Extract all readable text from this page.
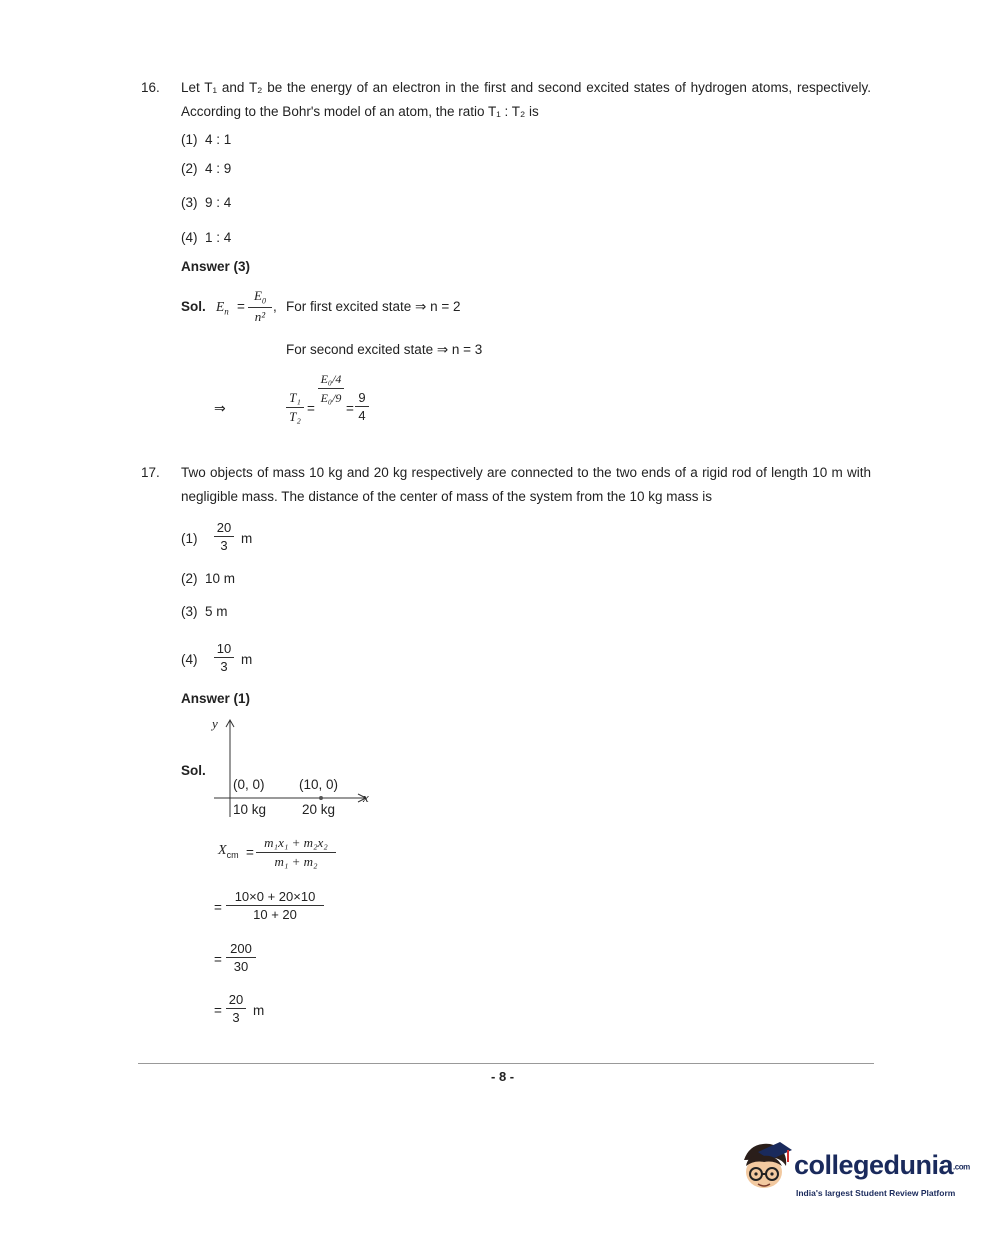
16. Let T₁ and T₂ be the energy of an electron in the first and second excited states of hydrogen atoms, respectively. According to the Bohr's model of an atom, the ratio T₁ : T₂ is
(1) 4 : 1
(2) 4 : 9
(3) 9 : 4
(4) 1 : 4
Answer (3)
Sol. $E_n = \frac{E_0}{\text{n²}}$ , For first excited state ⇒ n = 2
For second excited state ⇒ n = 3
⇒	$\frac{\text{T₁}}{\text{T₂}}$ =
E₀/4
E₀/9
= $\frac{9}{4}$
17. Two objects of mass 10 kg and 20 kg respectively are connected to the two ends of a rigid rod of length 10 m with negligible mass. The distance of the center of mass of the system from the 10 kg mass is
$(1) \frac{20}{3}$ m
(2) 10 m
(3) 5 m
$(4) \frac{10}{3}$ m
Answer (1)
Sol.
y
x
(0, 0)	(10, 0)
10 kg	20 kg
$X_{cm} = \frac{\text{m₁x₁ + m₂x₂}}{\text{m₁ + m₂}}$
= $\frac{10\times 0 + 20\times 10}{10 + 20}$
= $\frac{200}{30}$
= $\frac{20}{3}$ m
- 8 -
collegedunia.com
India's largest Student Review Platform
